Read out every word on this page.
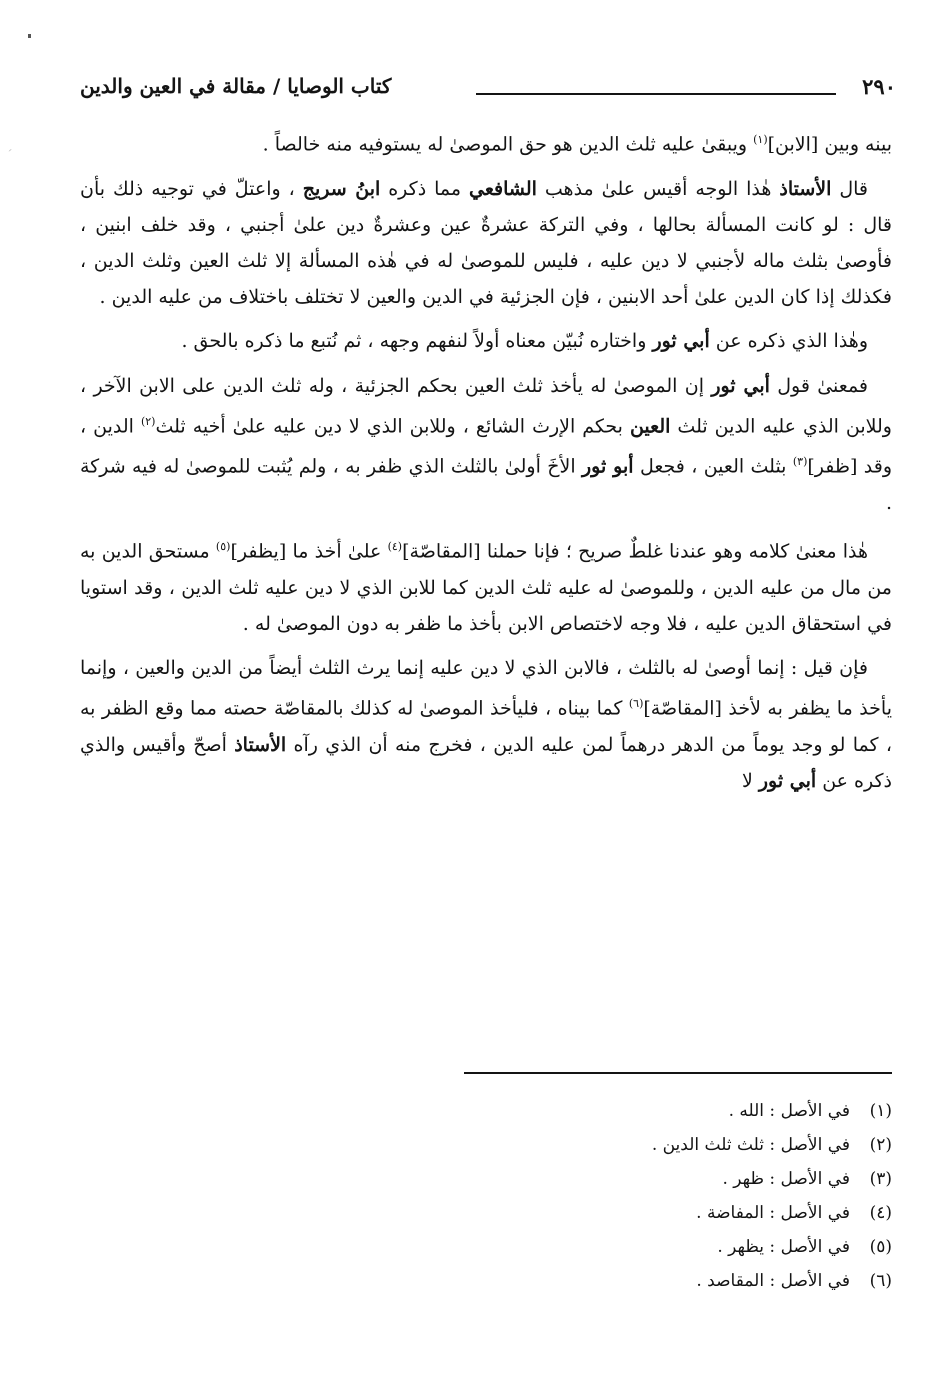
٢٩٠
كتاب الوصايا / مقالة في العين والدين

بينه وبين [الابن]$^{(١)}$ ويبقىٰ عليه ثلث الدين هو حق الموصىٰ له يستوفيه منه خالصاً .

قال الأستاذ هٰذا الوجه أقيس علىٰ مذهب الشافعي مما ذكره ابنُ سريج ، واعتلّ في توجيه ذلك بأن قال : لو كانت المسألة بحالها ، وفي التركة عشرةٌ عين وعشرةٌ دين علىٰ أجنبي ، وقد خلف ابنين ، فأوصىٰ بثلث ماله لأجنبي لا دين عليه ، فليس للموصىٰ له في هٰذه المسألة إلا ثلث العين وثلث الدين ، فكذلك إذا كان الدين علىٰ أحد الابنين ، فإن الجزئية في الدين والعين لا تختلف باختلاف من عليه الدين .

وهٰذا الذي ذكره عن أبي ثور واختاره نُبيّن معناه أولاً لنفهم وجهه ، ثم نُتبع ما ذكره بالحق .

فمعنىٰ قول أبي ثور إن الموصىٰ له يأخذ ثلث العين بحكم الجزئية ، وله ثلث الدين على الابن الآخر ، وللابن الذي عليه الدين ثلث العين بحكم الإرث الشائع ، وللابن الذي لا دين عليه علىٰ أخيه ثلث$^{(٢)}$ الدين ، وقد [ظفر]$^{(٣)}$ بثلث العين ، فجعل أبو ثور الأخَ أولىٰ بالثلث الذي ظفر به ، ولم يُثبت للموصىٰ له فيه شركة .

هٰذا معنىٰ كلامه وهو عندنا غلطٌ صريح ؛ فإنا حملنا [المقاصّة]$^{(٤)}$ علىٰ أخذ ما [يظفر]$^{(٥)}$ مستحق الدين به من مال من عليه الدين ، وللموصىٰ له عليه ثلث الدين كما للابن الذي لا دين عليه ثلث الدين ، وقد استويا في استحقاق الدين عليه ، فلا وجه لاختصاص الابن بأخذ ما ظفر به دون الموصىٰ له .

فإن قيل : إنما أوصىٰ له بالثلث ، فالابن الذي لا دين عليه إنما يرث الثلث أيضاً من الدين والعين ، وإنما يأخذ ما يظفر به لأخذ [المقاصّة]$^{(٦)}$ كما بيناه ، فليأخذ الموصىٰ له كذلك بالمقاصّة حصته مما وقع الظفر به ، كما لو وجد يوماً من الدهر درهماً لمن عليه الدين ، فخرج منه أن الذي رآه الأستاذ أصحّ وأقيس والذي ذكره عن أبي ثور لا

(١)في الأصل : الله .
(٢)في الأصل : ثلث ثلث الدين .
(٣)في الأصل : ظهر .
(٤)في الأصل : المفاضة .
(٥)في الأصل : يظهر .
(٦)في الأصل : المقاصد .
